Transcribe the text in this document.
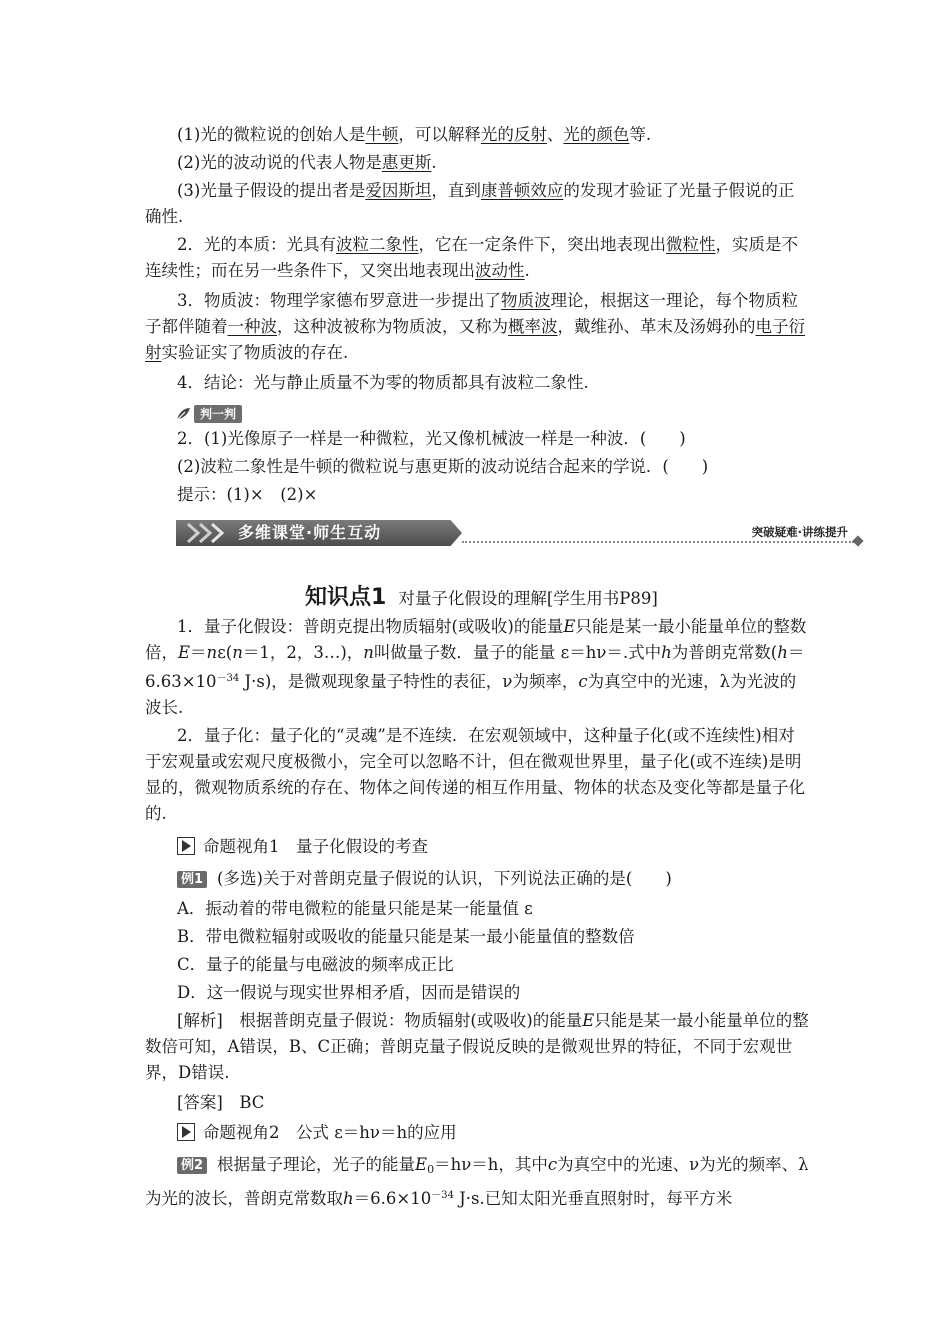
(1)光的微粒说的创始人是牛顿，可以解释光的反射、光的颜色等.

(2)光的波动说的代表人物是惠更斯.

(3)光量子假设的提出者是爱因斯坦，直到康普顿效应的发现才验证了光量子假说的正确性.

2．光的本质：光具有波粒二象性，它在一定条件下，突出地表现出微粒性，实质是不连续性；而在另一些条件下，又突出地表现出波动性.

3．物质波：物理学家德布罗意进一步提出了物质波理论，根据这一理论，每个物质粒子都伴随着一种波，这种波被称为物质波，又称为概率波，戴维孙、革末及汤姆孙的电子衍射实验证实了物质波的存在.

4．结论：光与静止质量不为零的物质都具有波粒二象性.

判一判

2．(1)光像原子一样是一种微粒，光又像机械波一样是一种波．(　　)

(2)波粒二象性是牛顿的微粒说与惠更斯的波动说结合起来的学说．(　　)

提示：(1)×　(2)×

多维课堂·师生互动	突破疑难·讲练提升
知识点1 对量子化假设的理解[学生用书P89]

1．量子化假设：普朗克提出物质辐射(或吸收)的能量E只能是某一最小能量单位的整数倍，E＝nε(n＝1，2，3…)，n叫做量子数．量子的能量 ε＝hν＝.式中h为普朗克常数($h=6.63\times 10^{-34}$ J·s)，是微观现象量子特性的表征，ν为频率，c为真空中的光速，λ为光波的波长.

2．量子化：量子化的“灵魂”是不连续．在宏观领域中，这种量子化(或不连续性)相对于宏观量或宏观尺度极微小，完全可以忽略不计，但在微观世界里，量子化(或不连续)是明显的，微观物质系统的存在、物体之间传递的相互作用量、物体的状态及变化等都是量子化的.

命题视角1　量子化假设的考查

例1 (多选)关于对普朗克量子假说的认识，下列说法正确的是(　　)

A．振动着的带电微粒的能量只能是某一能量值 ε

B．带电微粒辐射或吸收的能量只能是某一最小能量值的整数倍

C．量子的能量与电磁波的频率成正比

D．这一假说与现实世界相矛盾，因而是错误的

[解析]　根据普朗克量子假说：物质辐射(或吸收)的能量E只能是某一最小能量单位的整数倍可知，A错误，B、C正确；普朗克量子假说反映的是微观世界的特征，不同于宏观世界，D错误.

[答案]　BC

命题视角2　公式 ε＝hν＝h的应用

例2 根据量子理论，光子的能量$E_0=h\nu=h$，其中c为真空中的光速、ν为光的频率、λ为光的波长，普朗克常数取$h=6.6\times 10^{-34}$ J·s.已知太阳光垂直照射时，每平方米
